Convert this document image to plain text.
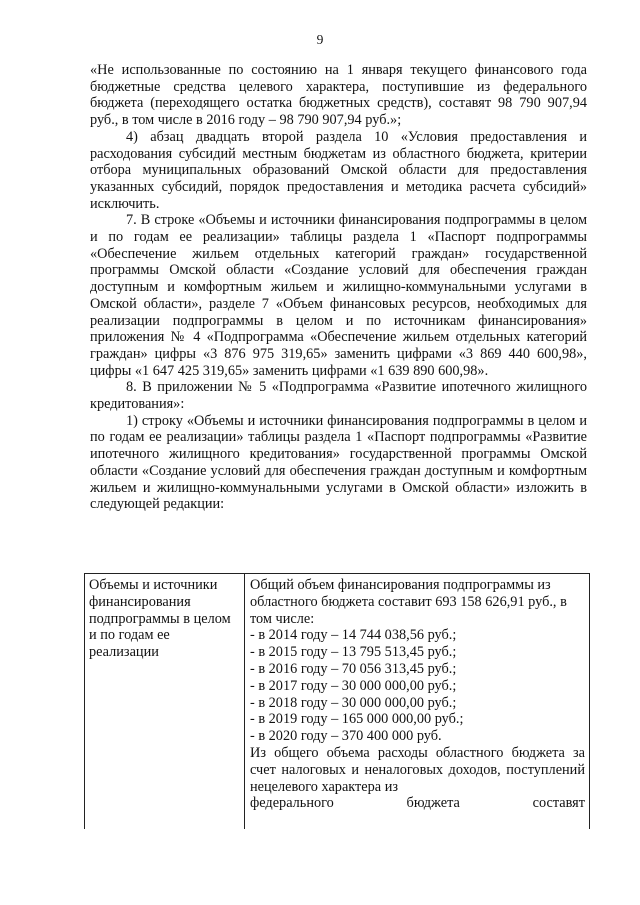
9

«Не использованные по состоянию на 1 января текущего финансового года бюджетные средства целевого характера, поступившие из федерального бюджета (переходящего остатка бюджетных средств), составят 98 790 907,94 руб., в том числе в 2016 году – 98 790 907,94 руб.»;

4) абзац двадцать второй раздела 10 «Условия предоставления и расходования субсидий местным бюджетам из областного бюджета, критерии отбора муниципальных образований Омской области для предоставления указанных субсидий, порядок предоставления и методика расчета субсидий» исключить.

7. В строке «Объемы и источники финансирования подпрограммы в целом и по годам ее реализации» таблицы раздела 1 «Паспорт подпрограммы «Обеспечение жильем отдельных категорий граждан» государственной программы Омской области «Создание условий для обеспечения граждан доступным и комфортным жильем и жилищно-коммунальными услугами в Омской области», разделе 7 «Объем финансовых ресурсов, необходимых для реализации подпрограммы в целом и по источникам финансирования» приложения № 4 «Подпрограмма «Обеспечение жильем отдельных категорий граждан» цифры «3 876 975 319,65» заменить цифрами «3 869 440 600,98», цифры «1 647 425 319,65» заменить цифрами «1 639 890 600,98».

8. В приложении № 5 «Подпрограмма «Развитие ипотечного жилищного кредитования»:

1) строку «Объемы и источники финансирования подпрограммы в целом и по годам ее реализации» таблицы раздела 1 «Паспорт подпрограммы «Развитие ипотечного жилищного кредитования» государственной программы Омской области «Создание условий для обеспечения граждан доступным и комфортным жильем и жилищно-коммунальными услугами в Омской области» изложить в следующей редакции:

Объемы и источники финансирования подпрограммы в целом и по годам ее реализации
Общий объем финансирования подпрограммы из областного бюджета составит 693 158 626,91 руб., в том числе:
- в 2014 году – 14 744 038,56 руб.;
- в 2015 году – 13 795 513,45 руб.;
- в 2016 году – 70 056 313,45 руб.;
- в 2017 году – 30 000 000,00 руб.;
- в 2018 году – 30 000 000,00 руб.;
- в 2019 году – 165 000 000,00 руб.;
- в 2020 году – 370 400 000 руб.
Из общего объема расходы областного бюджета за счет налоговых и неналоговых доходов, поступлений нецелевого характера из
федерального бюджета составят
